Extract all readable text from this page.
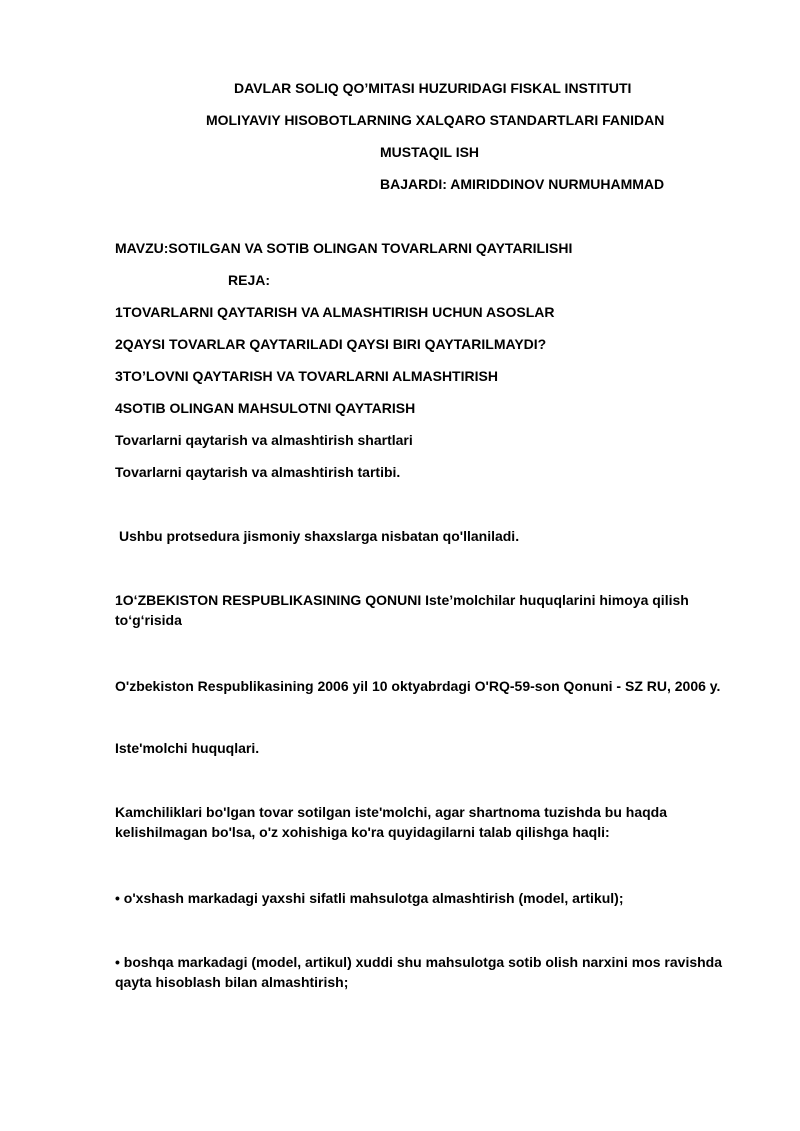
DAVLAR SOLIQ QO’MITASI HUZURIDAGI FISKAL INSTITUTI
MOLIYAVIY HISOBOTLARNING XALQARO STANDARTLARI FANIDAN
MUSTAQIL ISH
BAJARDI: AMIRIDDINOV NURMUHAMMAD
MAVZU:SOTILGAN VA SOTIB OLINGAN TOVARLARNI QAYTARILISHI
REJA:
1TOVARLARNI QAYTARISH VA ALMASHTIRISH UCHUN ASOSLAR
2QAYSI TOVARLAR QAYTARILADI QAYSI BIRI QAYTARILMAYDI?
3TO’LOVNI QAYTARISH VA TOVARLARNI ALMASHTIRISH
4SOTIB OLINGAN MAHSULOTNI QAYTARISH
Tovarlarni qaytarish va almashtirish shartlari
Tovarlarni qaytarish va almashtirish tartibi.
Ushbu protsedura jismoniy shaxslarga nisbatan qo'llaniladi.
1O‘ZBEKISTON RESPUBLIKASINING QONUNI Iste’molchilar huquqlarini himoya qilish to‘g‘risida
O'zbekiston Respublikasining 2006 yil 10 oktyabrdagi O'RQ-59-son Qonuni - SZ RU, 2006 y.
Iste'molchi huquqlari.
Kamchiliklari bo'lgan tovar sotilgan iste'molchi, agar shartnoma tuzishda bu haqda kelishilmagan bo'lsa, o'z xohishiga ko'ra quyidagilarni talab qilishga haqli:
• o'xshash markadagi yaxshi sifatli mahsulotga almashtirish (model, artikul);
• boshqa markadagi (model, artikul) xuddi shu mahsulotga sotib olish narxini mos ravishda qayta hisoblash bilan almashtirish;
